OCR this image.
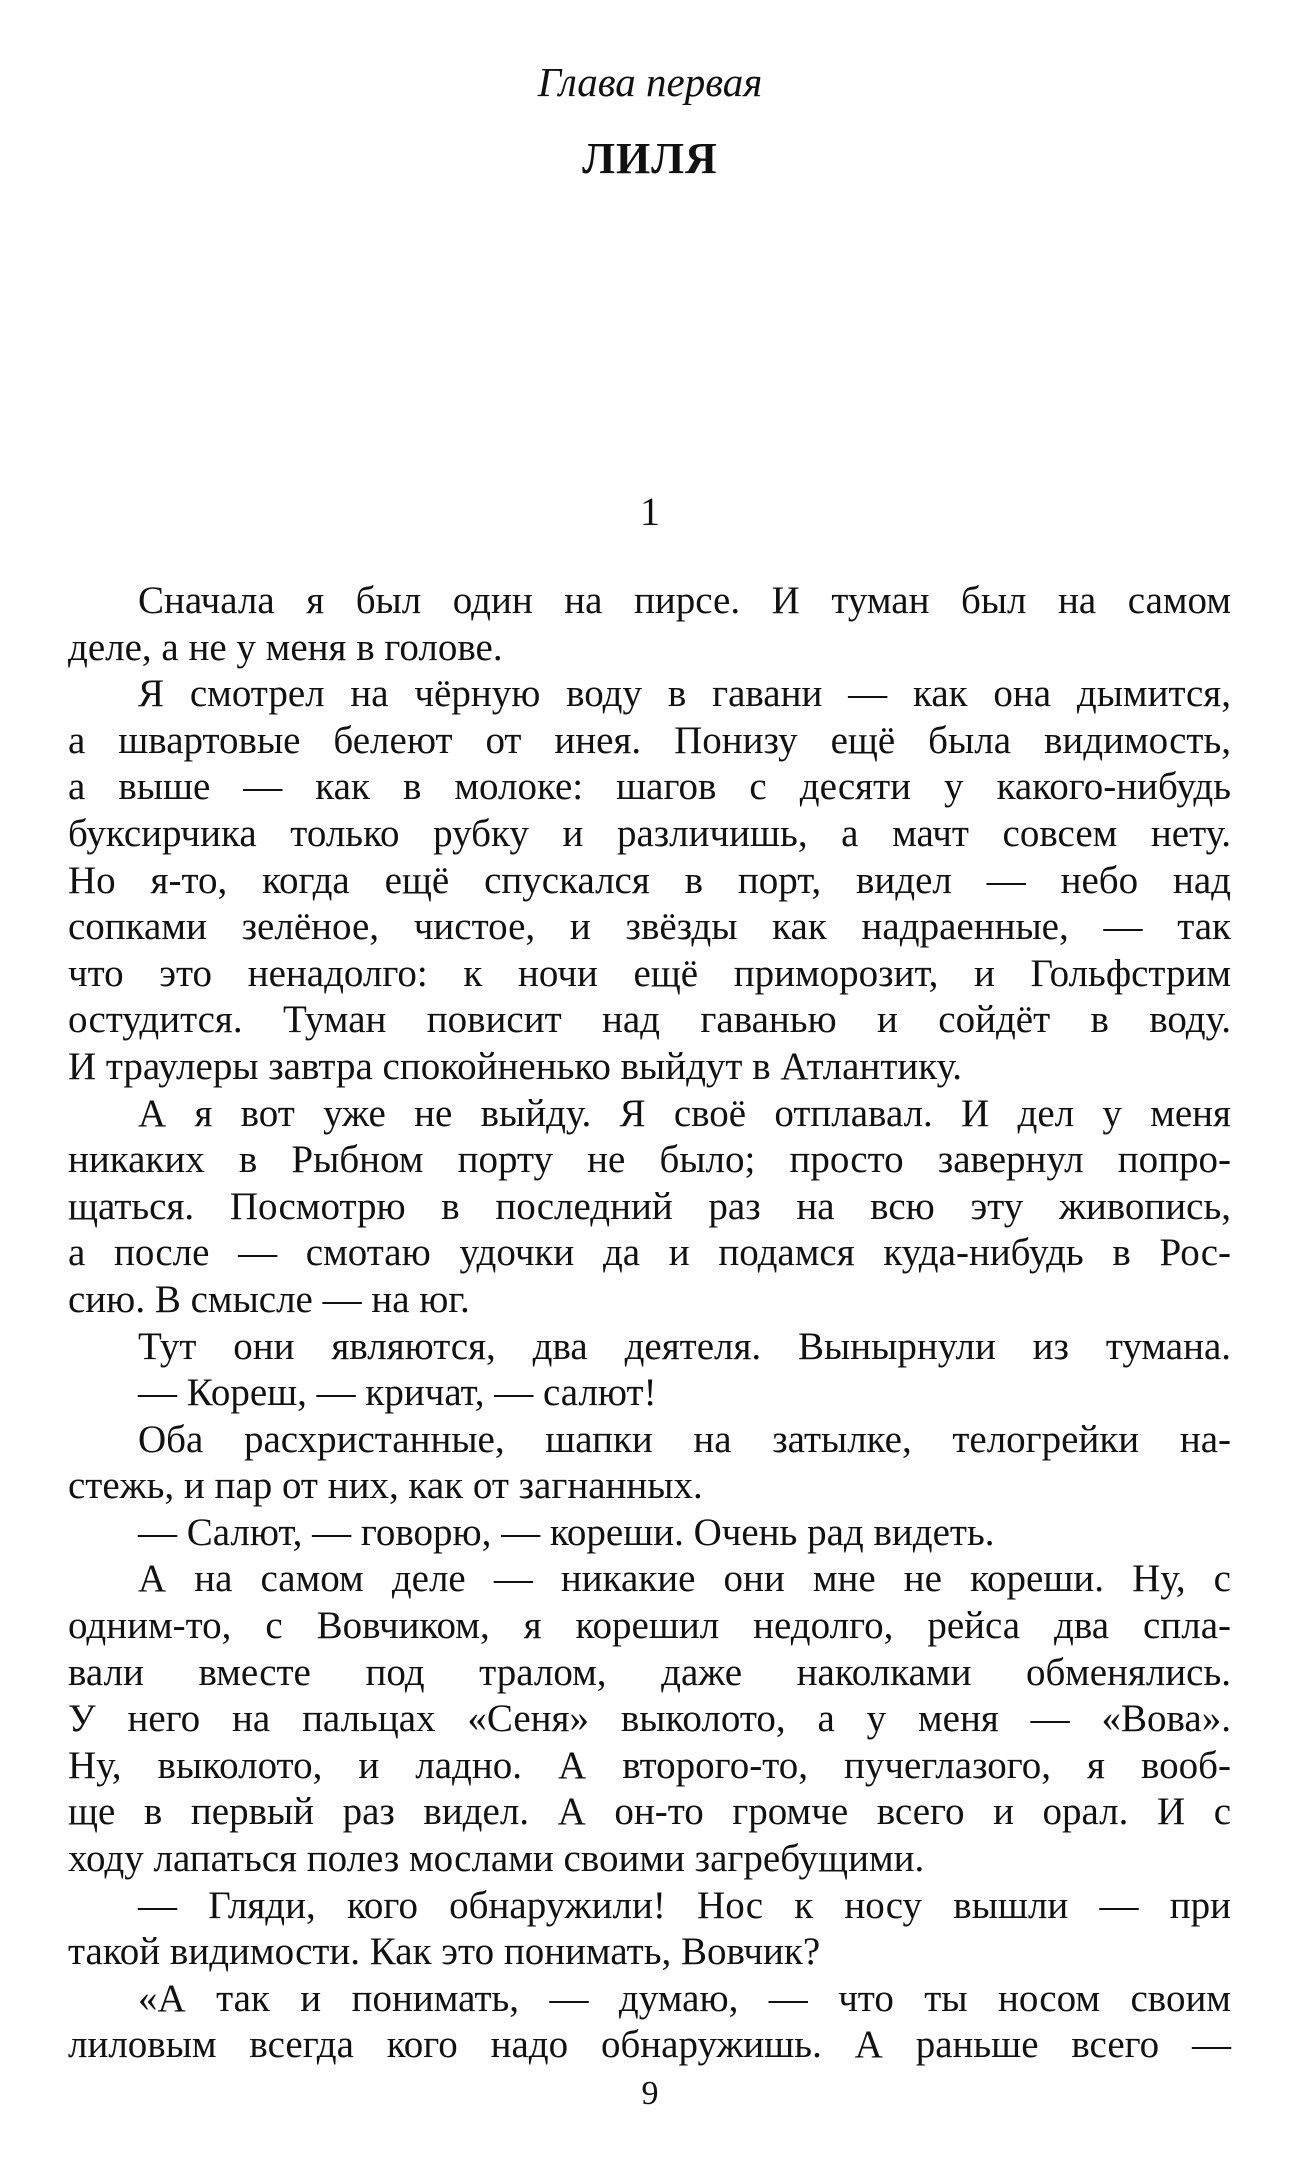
Глава первая
ЛИЛЯ
1
Сначала я был один на пирсе. И туман был на самом
деле, а не у меня в голове.
Я смотрел на чёрную воду в гавани — как она дымится,
а швартовые белеют от инея. Понизу ещё была видимость,
а выше — как в молоке: шагов с десяти у какого-нибудь
буксирчика только рубку и различишь, а мачт совсем нету.
Но я-то, когда ещё спускался в порт, видел — небо над
сопками зелёное, чистое, и звёзды как надраенные, — так
что это ненадолго: к ночи ещё приморозит, и Гольфстрим
остудится. Туман повисит над гаванью и сойдёт в воду.
И траулеры завтра спокойненько выйдут в Атлантику.
А я вот уже не выйду. Я своё отплавал. И дел у меня
никаких в Рыбном порту не было; просто завернул попро-
щаться. Посмотрю в последний раз на всю эту живопись,
а после — смотаю удочки да и подамся куда-нибудь в Рос-
сию. В смысле — на юг.
Тут они являются, два деятеля. Вынырнули из тумана.
— Кореш, — кричат, — салют!
Оба расхристанные, шапки на затылке, телогрейки на-
стежь, и пар от них, как от загнанных.
— Салют, — говорю, — кореши. Очень рад видеть.
А на самом деле — никакие они мне не кореши. Ну, с
одним-то, с Вовчиком, я корешил недолго, рейса два спла-
вали вместе под тралом, даже наколками обменялись.
У него на пальцах «Сеня» выколото, а у меня — «Вова».
Ну, выколото, и ладно. А второго-то, пучеглазого, я вооб-
ще в первый раз видел. А он-то громче всего и орал. И с
ходу лапаться полез мослами своими загребущими.
— Гляди, кого обнаружили! Нос к носу вышли — при
такой видимости. Как это понимать, Вовчик?
«А так и понимать, — думаю, — что ты носом своим
лиловым всегда кого надо обнаружишь. А раньше всего —
9
